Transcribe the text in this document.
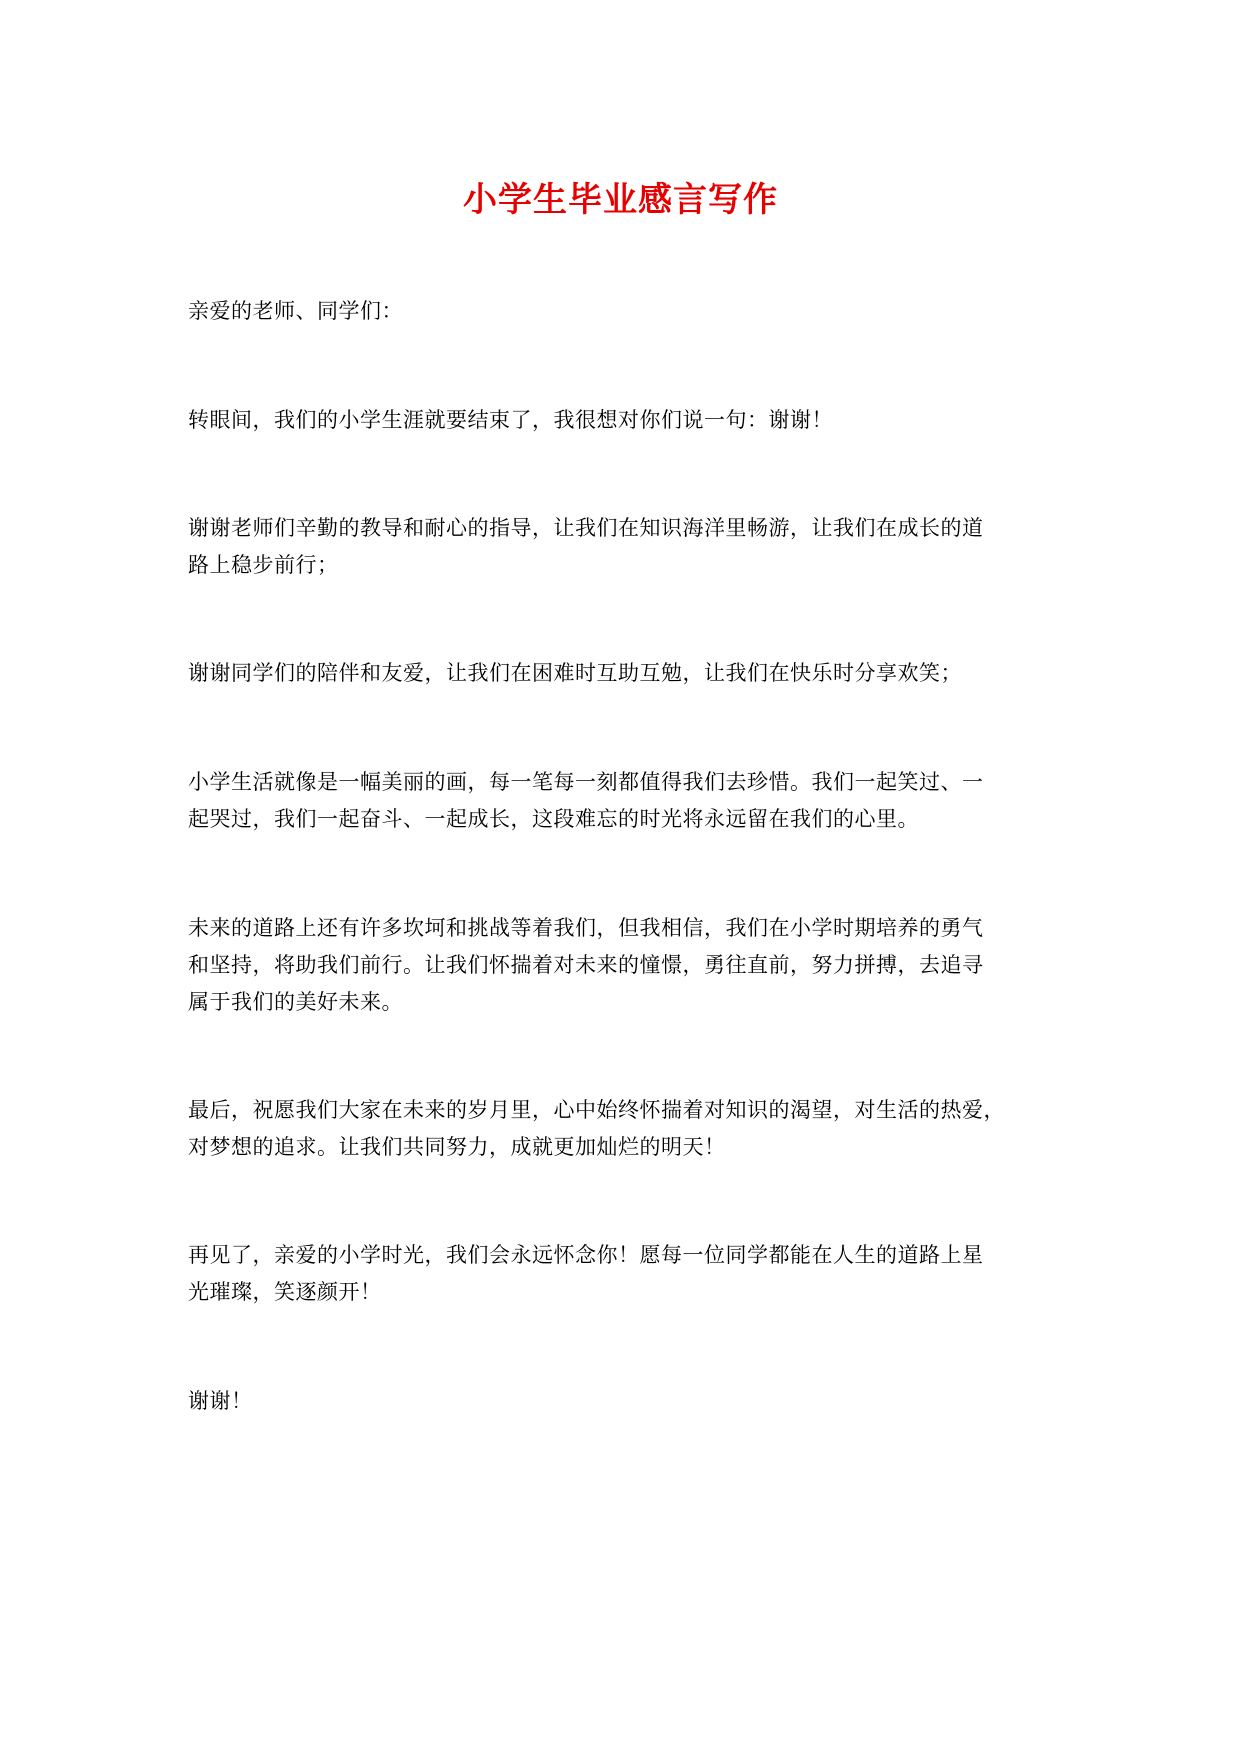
小学生毕业感言写作

亲爱的老师、同学们：

转眼间，我们的小学生涯就要结束了，我很想对你们说一句：谢谢！

谢谢老师们辛勤的教导和耐心的指导，让我们在知识海洋里畅游，让我们在成长的道
路上稳步前行；

谢谢同学们的陪伴和友爱，让我们在困难时互助互勉，让我们在快乐时分享欢笑；

小学生活就像是一幅美丽的画，每一笔每一刻都值得我们去珍惜。我们一起笑过、一
起哭过，我们一起奋斗、一起成长，这段难忘的时光将永远留在我们的心里。

未来的道路上还有许多坎坷和挑战等着我们，但我相信，我们在小学时期培养的勇气
和坚持，将助我们前行。让我们怀揣着对未来的憧憬，勇往直前，努力拼搏，去追寻
属于我们的美好未来。

最后，祝愿我们大家在未来的岁月里，心中始终怀揣着对知识的渴望，对生活的热爱，
对梦想的追求。让我们共同努力，成就更加灿烂的明天！

再见了，亲爱的小学时光，我们会永远怀念你！愿每一位同学都能在人生的道路上星
光璀璨，笑逐颜开！

谢谢！
